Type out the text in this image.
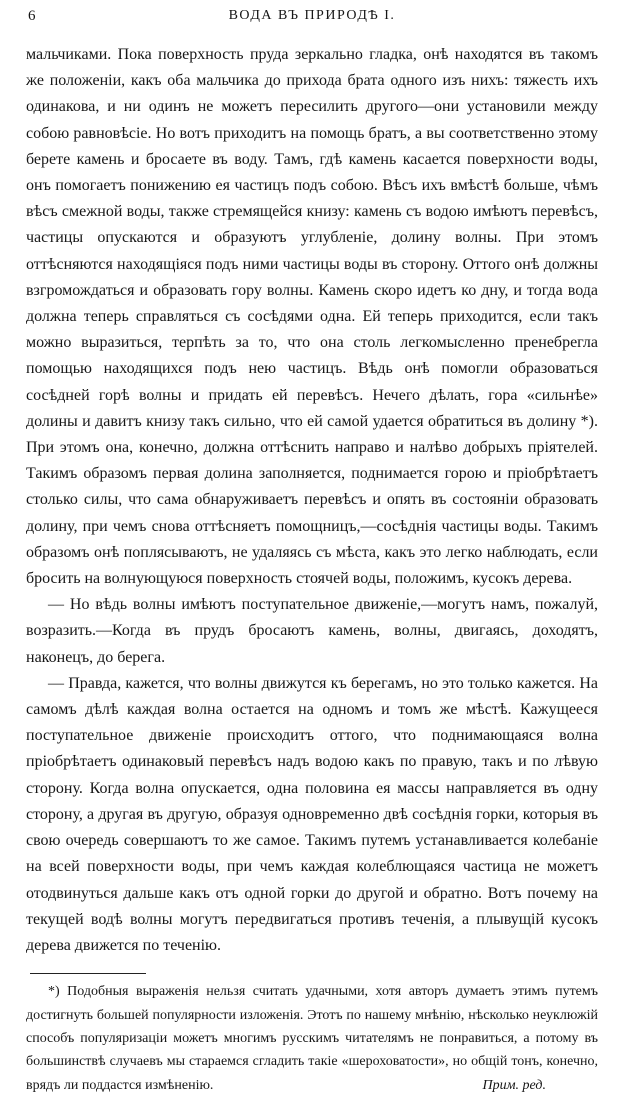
6	ВОДА ВЪ ПРИРОДѢ I.

мальчиками. Пока поверхность пруда зеркально гладка, онѣ находятся въ такомъ же положеніи, какъ оба мальчика до прихода брата одного изъ нихъ: тяжесть ихъ одинакова, и ни одинъ не можетъ пересилить другого—они установили между собою равновѣсіе. Но вотъ приходитъ на помощь братъ, а вы соответственно этому берете камень и бросаете въ воду. Тамъ, гдѣ камень касается поверхности воды, онъ помогаетъ понижению ея частицъ подъ собою. Вѣсъ ихъ вмѣстѣ больше, чѣмъ вѣсъ смежной воды, также стремящейся книзу: камень съ водою имѣютъ перевѣсъ, частицы опускаются и образуютъ углубленіе, долину волны. При этомъ оттѣсняются находящіяся подъ ними частицы воды въ сторону. Оттого онѣ должны взгромождаться и образовать гору волны. Камень скоро идетъ ко дну, и тогда вода должна теперь справляться съ сосѣдями одна. Ей теперь приходится, если такъ можно выразиться, терпѣть за то, что она столь легкомысленно пренебрегла помощью находящихся подъ нею частицъ. Вѣдь онѣ помогли образоваться сосѣдней горѣ волны и придать ей перевѣсъ. Нечего дѣлать, гора «сильнѣе» долины и давитъ книзу такъ сильно, что ей самой удается обратиться въ долину *). При этомъ она, конечно, должна оттѣснить направо и налѣво добрыхъ пріятелей. Такимъ образомъ первая долина заполняется, поднимается горою и пріобрѣтаетъ столько силы, что сама обнаруживаетъ перевѣсъ и опять въ состояніи образовать долину, при чемъ снова оттѣсняетъ помощницъ,—сосѣднія частицы воды. Такимъ образомъ онѣ поплясываютъ, не удаляясь съ мѣста, какъ это легко наблюдать, если бросить на волнующуюся поверхность стоячей воды, положимъ, кусокъ дерева.

— Но вѣдь волны имѣютъ поступательное движеніе,—могутъ намъ, пожалуй, возразить.—Когда въ прудъ бросаютъ камень, волны, двигаясь, доходятъ, наконецъ, до берега.

— Правда, кажется, что волны движутся къ берегамъ, но это только кажется. На самомъ дѣлѣ каждая волна остается на одномъ и томъ же мѣстѣ. Кажущееся поступательное движеніе происходитъ оттого, что поднимающаяся волна пріобрѣтаетъ одинаковый перевѣсъ надъ водою какъ по правую, такъ и по лѣвую сторону. Когда волна опускается, одна половина ея массы направляется въ одну сторону, а другая въ другую, образуя одновременно двѣ сосѣднія горки, которыя въ свою очередь совершаютъ то же самое. Такимъ путемъ устанавливается колебаніе на всей поверхности воды, при чемъ каждая колеблющаяся частица не можетъ отодвинуться дальше какъ отъ одной горки до другой и обратно. Вотъ почему на текущей водѣ волны могутъ передвигаться противъ теченія, а плывущій кусокъ дерева движется по теченію.

*) Подобныя выраженія нельзя считать удачными, хотя авторъ думаетъ этимъ путемъ достигнуть большей популярности изложенія. Этотъ по нашему мнѣнію, нѣсколько неуклюжій способъ популяризаціи можетъ многимъ русскимъ читателямъ не понравиться, а потому въ большинствѣ случаевъ мы стараемся сгладить такіе «шероховатости», но общій тонъ, конечно, врядъ ли поддастся измѣненію.	Прим. ред.
